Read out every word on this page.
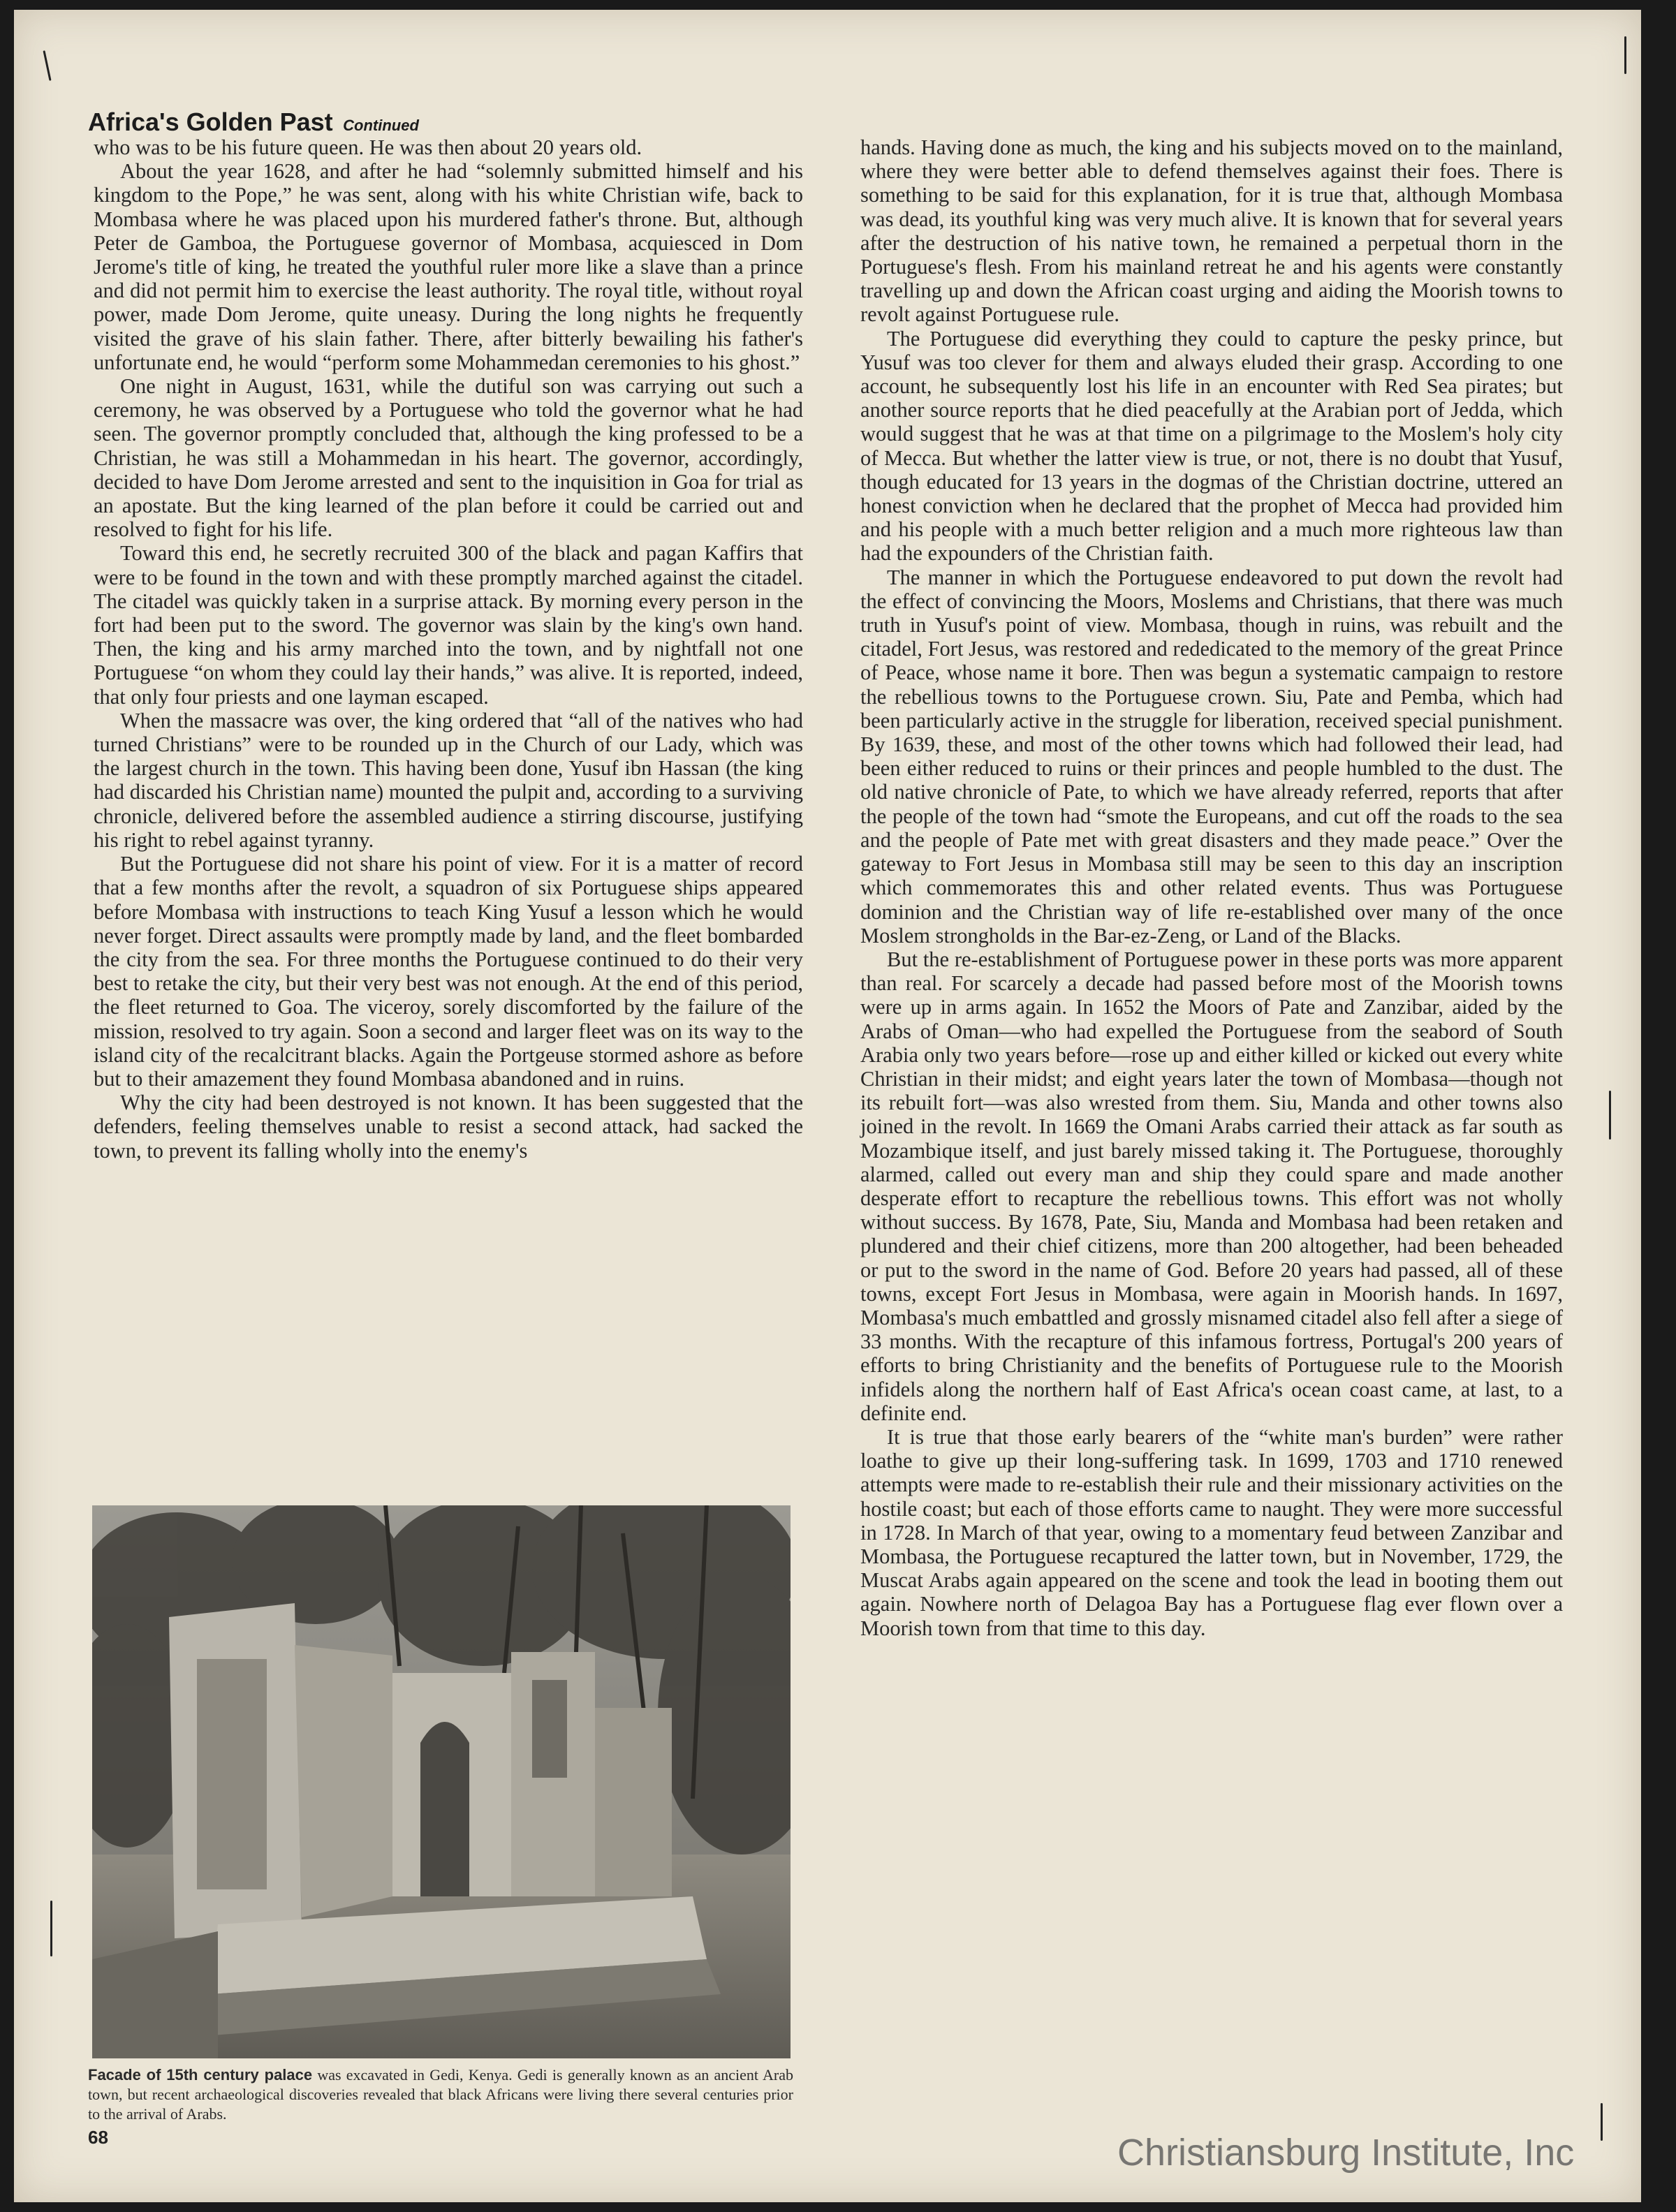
Africa's Golden Past Continued

who was to be his future queen. He was then about 20 years old.

About the year 1628, and after he had “solemnly submitted himself and his kingdom to the Pope,” he was sent, along with his white Christian wife, back to Mombasa where he was placed upon his murdered father's throne. But, although Peter de Gamboa, the Portuguese governor of Mombasa, acquiesced in Dom Jerome's title of king, he treated the youthful ruler more like a slave than a prince and did not permit him to exercise the least authority. The royal title, without royal power, made Dom Jerome, quite uneasy. During the long nights he frequently visited the grave of his slain father. There, after bitterly bewailing his father's unfortunate end, he would “perform some Mohammedan ceremonies to his ghost.”

One night in August, 1631, while the dutiful son was carrying out such a ceremony, he was observed by a Portuguese who told the governor what he had seen. The governor promptly concluded that, although the king professed to be a Christian, he was still a Mohammedan in his heart. The governor, accordingly, decided to have Dom Jerome arrested and sent to the inquisition in Goa for trial as an apostate. But the king learned of the plan before it could be carried out and resolved to fight for his life.

Toward this end, he secretly recruited 300 of the black and pagan Kaffirs that were to be found in the town and with these promptly marched against the citadel. The citadel was quickly taken in a surprise attack. By morning every person in the fort had been put to the sword. The governor was slain by the king's own hand. Then, the king and his army marched into the town, and by nightfall not one Portuguese “on whom they could lay their hands,” was alive. It is reported, indeed, that only four priests and one layman escaped.

When the massacre was over, the king ordered that “all of the natives who had turned Christians” were to be rounded up in the Church of our Lady, which was the largest church in the town. This having been done, Yusuf ibn Hassan (the king had discarded his Christian name) mounted the pulpit and, according to a surviving chronicle, delivered before the assembled audience a stirring discourse, justifying his right to rebel against tyranny.

But the Portuguese did not share his point of view. For it is a matter of record that a few months after the revolt, a squadron of six Portuguese ships appeared before Mombasa with instructions to teach King Yusuf a lesson which he would never forget. Direct assaults were promptly made by land, and the fleet bombarded the city from the sea. For three months the Portuguese continued to do their very best to retake the city, but their very best was not enough. At the end of this period, the fleet returned to Goa. The viceroy, sorely discomforted by the failure of the mission, resolved to try again. Soon a second and larger fleet was on its way to the island city of the recalcitrant blacks. Again the Portgeuse stormed ashore as before but to their amazement they found Mombasa abandoned and in ruins.

Why the city had been destroyed is not known. It has been suggested that the defenders, feeling themselves unable to resist a second attack, had sacked the town, to prevent its falling wholly into the enemy's

hands. Having done as much, the king and his subjects moved on to the mainland, where they were better able to defend themselves against their foes. There is something to be said for this explanation, for it is true that, although Mombasa was dead, its youthful king was very much alive. It is known that for several years after the destruction of his native town, he remained a perpetual thorn in the Portuguese's flesh. From his mainland retreat he and his agents were constantly travelling up and down the African coast urging and aiding the Moorish towns to revolt against Portuguese rule.

The Portuguese did everything they could to capture the pesky prince, but Yusuf was too clever for them and always eluded their grasp. According to one account, he subsequently lost his life in an encounter with Red Sea pirates; but another source reports that he died peacefully at the Arabian port of Jedda, which would suggest that he was at that time on a pilgrimage to the Moslem's holy city of Mecca. But whether the latter view is true, or not, there is no doubt that Yusuf, though educated for 13 years in the dogmas of the Christian doctrine, uttered an honest conviction when he declared that the prophet of Mecca had provided him and his people with a much better religion and a much more righteous law than had the expounders of the Christian faith.

The manner in which the Portuguese endeavored to put down the revolt had the effect of convincing the Moors, Moslems and Christians, that there was much truth in Yusuf's point of view. Mombasa, though in ruins, was rebuilt and the citadel, Fort Jesus, was restored and rededicated to the memory of the great Prince of Peace, whose name it bore. Then was begun a systematic campaign to restore the rebellious towns to the Portuguese crown. Siu, Pate and Pemba, which had been particularly active in the struggle for liberation, received special punishment. By 1639, these, and most of the other towns which had followed their lead, had been either reduced to ruins or their princes and people humbled to the dust. The old native chronicle of Pate, to which we have already referred, reports that after the people of the town had “smote the Europeans, and cut off the roads to the sea and the people of Pate met with great disasters and they made peace.” Over the gateway to Fort Jesus in Mombasa still may be seen to this day an inscription which commemorates this and other related events. Thus was Portuguese dominion and the Christian way of life re-established over many of the once Moslem strongholds in the Bar-ez-Zeng, or Land of the Blacks.

But the re-establishment of Portuguese power in these ports was more apparent than real. For scarcely a decade had passed before most of the Moorish towns were up in arms again. In 1652 the Moors of Pate and Zanzibar, aided by the Arabs of Oman—who had expelled the Portuguese from the seabord of South Arabia only two years before—rose up and either killed or kicked out every white Christian in their midst; and eight years later the town of Mombasa—though not its rebuilt fort—was also wrested from them. Siu, Manda and other towns also joined in the revolt. In 1669 the Omani Arabs carried their attack as far south as Mozambique itself, and just barely missed taking it. The Portuguese, thoroughly alarmed, called out every man and ship they could spare and made another desperate effort to recapture the rebellious towns. This effort was not wholly without success. By 1678, Pate, Siu, Manda and Mombasa had been retaken and plundered and their chief citizens, more than 200 altogether, had been beheaded or put to the sword in the name of God. Before 20 years had passed, all of these towns, except Fort Jesus in Mombasa, were again in Moorish hands. In 1697, Mombasa's much embattled and grossly misnamed citadel also fell after a siege of 33 months. With the recapture of this infamous fortress, Portugal's 200 years of efforts to bring Christianity and the benefits of Portuguese rule to the Moorish infidels along the northern half of East Africa's ocean coast came, at last, to a definite end.

It is true that those early bearers of the “white man's burden” were rather loathe to give up their long-suffering task. In 1699, 1703 and 1710 renewed attempts were made to re-establish their rule and their missionary activities on the hostile coast; but each of those efforts came to naught. They were more successful in 1728. In March of that year, owing to a momentary feud between Zanzibar and Mombasa, the Portuguese recaptured the latter town, but in November, 1729, the Muscat Arabs again appeared on the scene and took the lead in booting them out again. Nowhere north of Delagoa Bay has a Portuguese flag ever flown over a Moorish town from that time to this day.

Facade of 15th century palace was excavated in Gedi, Kenya. Gedi is generally known as an ancient Arab town, but recent archaeological discoveries revealed that black Africans were living there several centuries prior to the arrival of Arabs.
68	Christiansburg Institute, Inc
